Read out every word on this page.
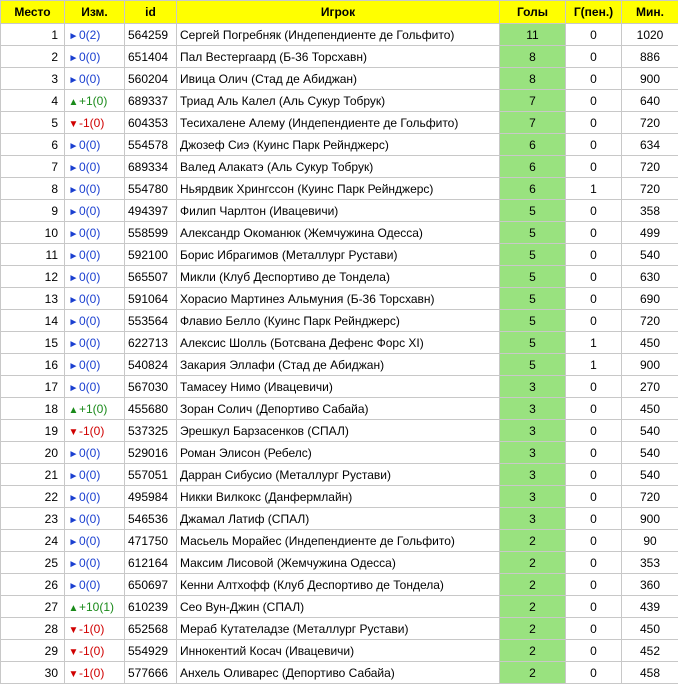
Место	Изм.	id	Игрок	Голы	Г(пен.)	Мин.
1	►0(2)	564259	Сергей Погребняк (Индепендиенте де Гольфито)	11	0	1020
2	►0(0)	651404	Пал Вестергаард (Б-36 Торсхавн)	8	0	886
3	►0(0)	560204	Ивица Олич (Стад де Абиджан)	8	0	900
4	▲+1(0)	689337	Триад Аль Калел (Аль Сукур Тобрук)	7	0	640
5	▼-1(0)	604353	Тесихалене Алему (Индепендиенте де Гольфито)	7	0	720
6	►0(0)	554578	Джозеф Сиэ (Куинс Парк Рейнджерс)	6	0	634
7	►0(0)	689334	Валед Алакатэ (Аль Сукур Тобрук)	6	0	720
8	►0(0)	554780	Ньярдвик Хрингссон (Куинс Парк Рейнджерс)	6	1	720
9	►0(0)	494397	Филип Чарлтон (Ивацевичи)	5	0	358
10	►0(0)	558599	Александр Окоманюк (Жемчужина Одесса)	5	0	499
11	►0(0)	592100	Борис Ибрагимов (Металлург Рустави)	5	0	540
12	►0(0)	565507	Микли (Клуб Деспортиво де Тондела)	5	0	630
13	►0(0)	591064	Хорасио Мартинез Альмуния (Б-36 Торсхавн)	5	0	690
14	►0(0)	553564	Флавио Белло (Куинс Парк Рейнджерс)	5	0	720
15	►0(0)	622713	Алексис Шолль (Ботсвана Дефенс Форс XI)	5	1	450
16	►0(0)	540824	Закария Эллафи (Стад де Абиджан)	5	1	900
17	►0(0)	567030	Тамасеу Нимо (Ивацевичи)	3	0	270
18	▲+1(0)	455680	Зоран Солич (Депортиво Сабайа)	3	0	450
19	▼-1(0)	537325	Эрешкул Барзасенков (СПАЛ)	3	0	540
20	►0(0)	529016	Роман Элисон (Ребелс)	3	0	540
21	►0(0)	557051	Дарран Сибусио (Металлург Рустави)	3	0	540
22	►0(0)	495984	Никки Вилкокс (Данфермлайн)	3	0	720
23	►0(0)	546536	Джамал Латиф (СПАЛ)	3	0	900
24	►0(0)	471750	Масьель Морайес (Индепендиенте де Гольфито)	2	0	90
25	►0(0)	612164	Максим Лисовой (Жемчужина Одесса)	2	0	353
26	►0(0)	650697	Кенни Алтхофф (Клуб Деспортиво де Тондела)	2	0	360
27	▲+10(1)	610239	Сео Вун-Джин (СПАЛ)	2	0	439
28	▼-1(0)	652568	Мераб Кутателадзе (Металлург Рустави)	2	0	450
29	▼-1(0)	554929	Иннокентий Косач (Ивацевичи)	2	0	452
30	▼-1(0)	577666	Анхель Оливарес (Депортиво Сабайа)	2	0	458
